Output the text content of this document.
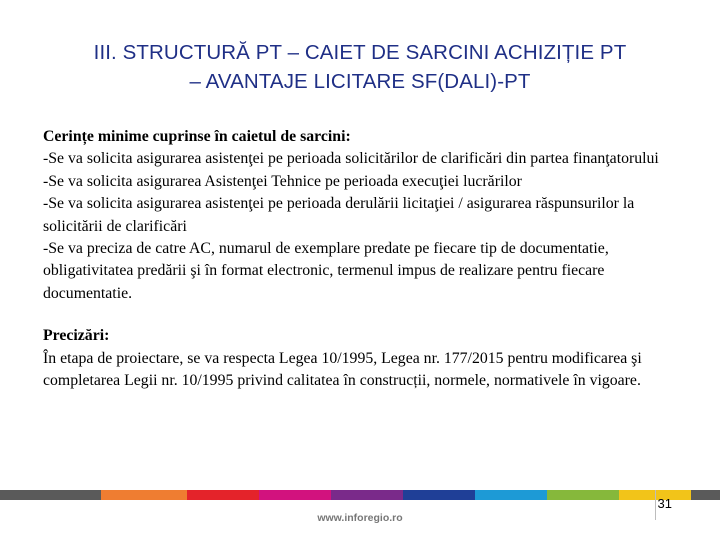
III. STRUCTURĂ PT – CAIET DE SARCINI ACHIZIȚIE PT
– AVANTAJE LICITARE SF(DALI)-PT

Cerințe minime cuprinse în caietul de sarcini:

-Se va solicita asigurarea asistenţei pe perioada solicitărilor de clarificări din partea finanţatorului

-Se va solicita asigurarea Asistenţei Tehnice pe perioada execuţiei lucrărilor

-Se va solicita asigurarea asistenţei pe perioada derulării licitaţiei / asigurarea răspunsurilor la solicitării de clarificări

-Se va preciza de catre AC, numarul de exemplare predate pe fiecare tip de documentatie, obligativitatea predării şi în format electronic, termenul impus de realizare pentru fiecare documentatie.

Precizări:

În etapa de proiectare, se va respecta Legea 10/1995, Legea nr. 177/2015 pentru modificarea şi completarea Legii nr. 10/1995 privind calitatea în construcții, normele, normativele în vigoare.

31
www.inforegio.ro
